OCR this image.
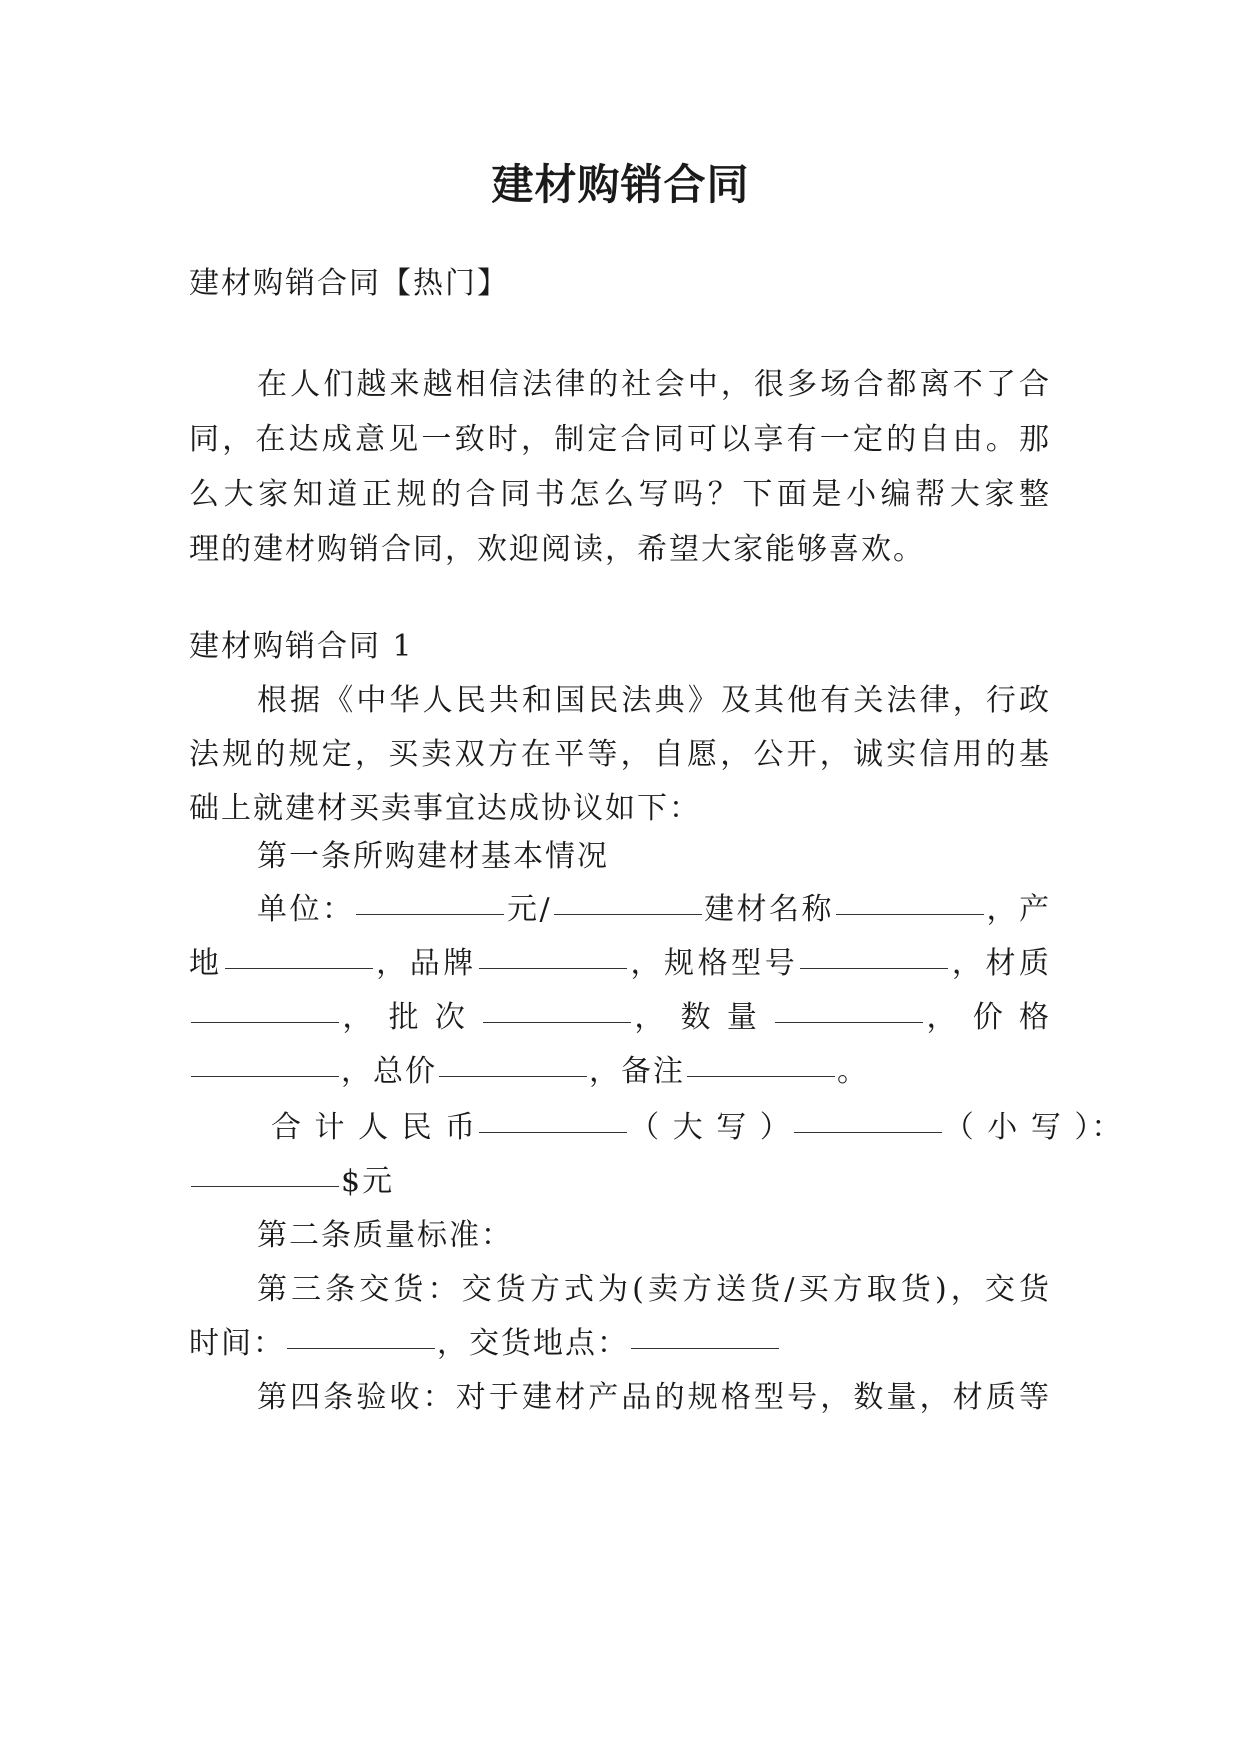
建材购销合同
建材购销合同【热门】
在人们越来越相信法律的社会中，很多场合都离不了合
同，在达成意见一致时，制定合同可以享有一定的自由。那
么大家知道正规的合同书怎么写吗？下面是小编帮大家整
理的建材购销合同，欢迎阅读，希望大家能够喜欢。
建材购销合同 1
根据《中华人民共和国民法典》及其他有关法律，行政
法规的规定，买卖双方在平等，自愿，公开，诚实信用的基
础上就建材买卖事宜达成协议如下：
第一条所购建材基本情况
单位：	元/	建材名称	，产
地	，品牌	，规格型号	，材质
， 批 次	， 数 量	， 价 格
，总价	，备注	。
合 计 人 民 币	（ 大 写 ）	（ 小 写 ）：
$元
第二条质量标准：
第三条交货：交货方式为(卖方送货/买方取货)，交货
时间：	，交货地点：
第四条验收：对于建材产品的规格型号，数量，材质等
